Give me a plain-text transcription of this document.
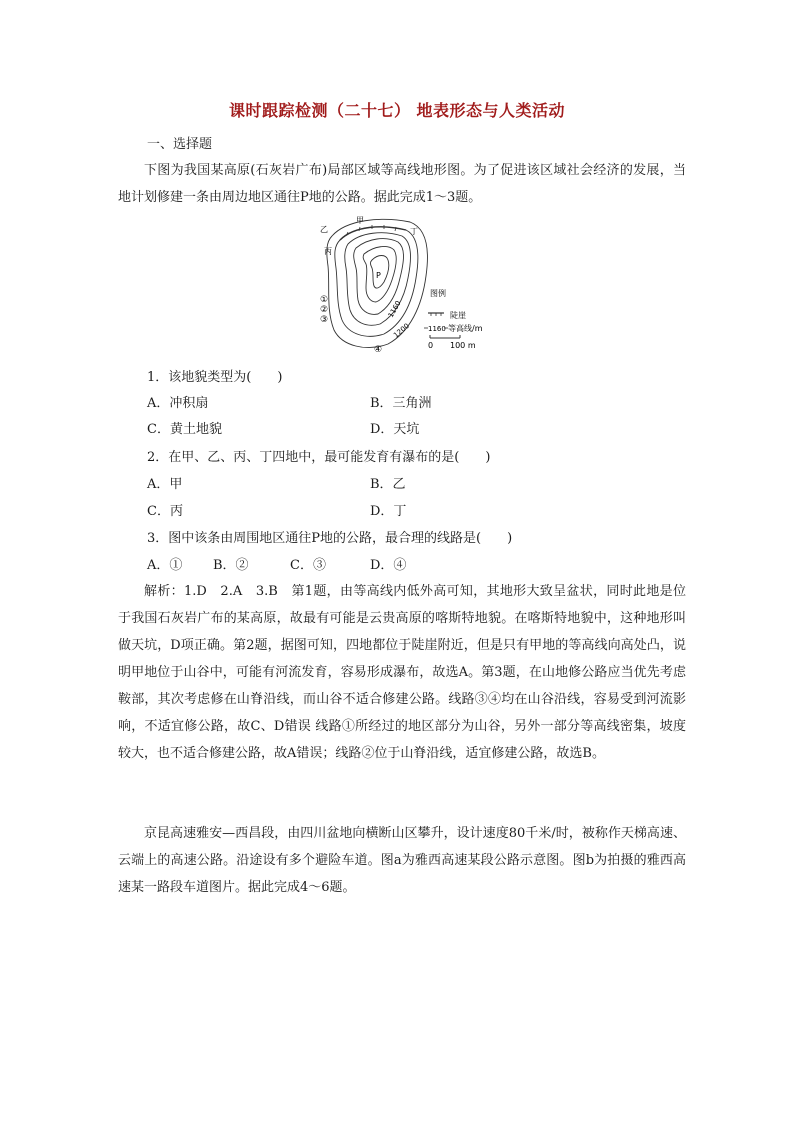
课时跟踪检测（二十七） 地表形态与人类活动
一、选择题
下图为我国某高原(石灰岩广布)局部区域等高线地形图。为了促进该区域社会经济的发展，当地计划修建一条由周边地区通往P地的公路。据此完成1～3题。
甲
乙
丙
丁
P
①
②
③
④
1160
1200
图例
陡崖
1160 等高线/m
0 100 m
1．该地貌类型为(　　)
A．冲积扇	B．三角洲
C．黄土地貌	D．天坑
2．在甲、乙、丙、丁四地中，最可能发育有瀑布的是(　　)
A．甲	B．乙
C．丙	D．丁
3．图中该条由周围地区通往P地的公路，最合理的线路是(　　)
A．① B．②	C．③	D．④
解析：1.D　2.A　3.B　第1题，由等高线内低外高可知，其地形大致呈盆状，同时此地是位于我国石灰岩广布的某高原，故最有可能是云贵高原的喀斯特地貌。在喀斯特地貌中，这种地形叫做天坑，D项正确。第2题，据图可知，四地都位于陡崖附近，但是只有甲地的等高线向高处凸，说明甲地位于山谷中，可能有河流发育，容易形成瀑布，故选A。第3题，在山地修公路应当优先考虑鞍部，其次考虑修在山脊沿线，而山谷不适合修建公路。线路③④均在山谷沿线，容易受到河流影响，不适宜修公路，故C、D错误 线路①所经过的地区部分为山谷，另外一部分等高线密集，坡度较大，也不适合修建公路，故A错误；线路②位于山脊沿线，适宜修建公路，故选B。
京昆高速雅安—西昌段，由四川盆地向横断山区攀升，设计速度80千米/时，被称作天梯高速、云端上的高速公路。沿途设有多个避险车道。图a为雅西高速某段公路示意图。图b为拍摄的雅西高速某一路段车道图片。据此完成4～6题。
